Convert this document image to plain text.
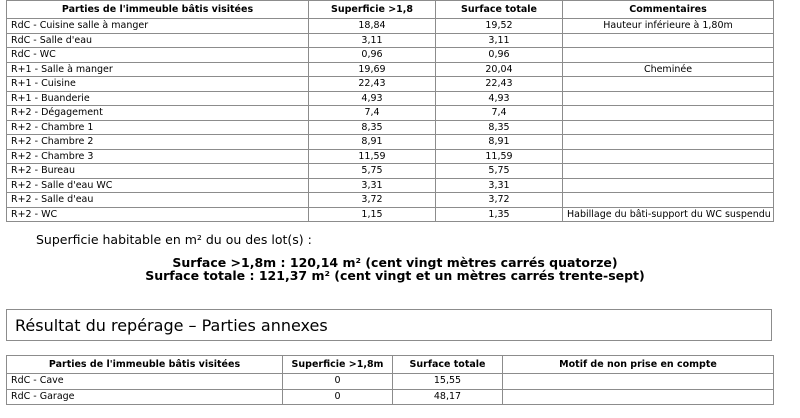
Parties de l'immeuble bâtis visitées	Superficie >1,8	Surface totale	Commentaires
RdC - Cuisine salle à manger	18,84	19,52	Hauteur inférieure à 1,80m
RdC - Salle d'eau	3,11	3,11	
RdC - WC	0,96	0,96	
R+1 - Salle à manger	19,69	20,04	Cheminée
R+1 - Cuisine	22,43	22,43	
R+1 - Buanderie	4,93	4,93	
R+2 - Dégagement	7,4	7,4	
R+2 - Chambre 1	8,35	8,35	
R+2 - Chambre 2	8,91	8,91	
R+2 - Chambre 3	11,59	11,59	
R+2 - Bureau	5,75	5,75	
R+2 - Salle d'eau WC	3,31	3,31	
R+2 - Salle d'eau	3,72	3,72	
R+2 - WC	1,15	1,35	Habillage du bâti-support du WC suspendu
Superficie habitable en m² du ou des lot(s) :
Surface >1,8m : 120,14 m² (cent vingt mètres carrés quatorze)
Surface totale : 121,37 m² (cent vingt et un mètres carrés trente-sept)
Résultat du repérage – Parties annexes
Parties de l'immeuble bâtis visitées	Superficie >1,8m	Surface totale	Motif de non prise en compte
RdC - Cave	0	15,55	
RdC - Garage	0	48,17	
